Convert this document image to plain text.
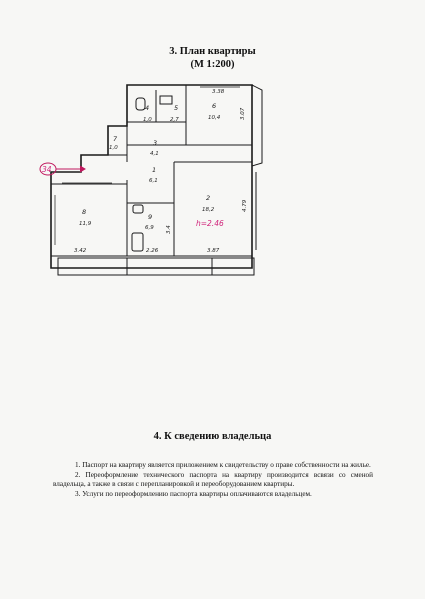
3. План квартиры
(М 1:200)
34
h=2.46
4
1,0
5
2,7
6
10,4
7
1,0
3
4,1
1
6,1
2
18,2
8
11,9
9
6,9
3.38
3.07
4.79
3.4
3.42	2.26	3.87
4. К сведению владельца

1. Паспорт на квартиру является приложением к свидетельству о праве собственности на жилье.

2. Переоформление технического паспорта на квартиру производится всвязи со сменой владельца, а также в связи с перепланировкой и переоборудованием квартиры.

3. Услуги по переоформлению паспорта квартиры оплачиваются владельцем.
